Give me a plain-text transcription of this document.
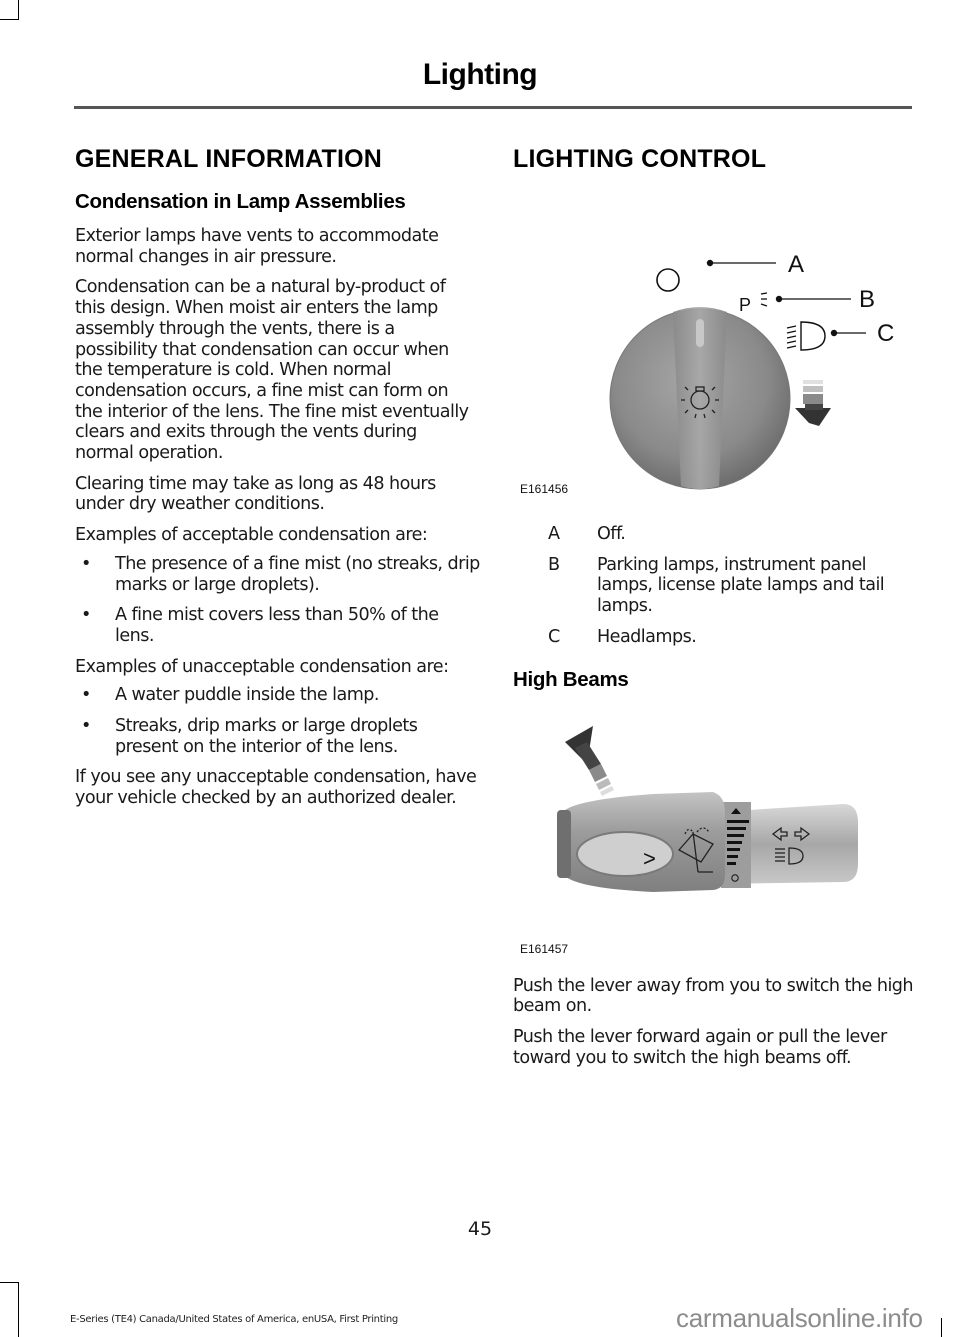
Lighting
GENERAL INFORMATION
Condensation in Lamp Assemblies

Exterior lamps have vents to accommodate normal changes in air pressure.

Condensation can be a natural by-product of this design. When moist air enters the lamp assembly through the vents, there is a possibility that condensation can occur when the temperature is cold. When normal condensation occurs, a fine mist can form on the interior of the lens. The fine mist eventually clears and exits through the vents during normal operation.

Clearing time may take as long as 48 hours under dry weather conditions.

Examples of acceptable condensation are:

• The presence of a fine mist (no streaks, drip marks or large droplets).
• A fine mist covers less than 50% of the lens.

Examples of unacceptable condensation are:

• A water puddle inside the lamp.
• Streaks, drip marks or large droplets present on the interior of the lens.

If you see any unacceptable condensation, have your vehicle checked by an authorized dealer.

LIGHTING CONTROL
A
P	B
C
E161456
A	Off.
B	Parking lamps, instrument panel lamps, license plate lamps and tail lamps.
C	Headlamps.
High Beams
>
E161457

Push the lever away from you to switch the high beam on.

Push the lever forward again or pull the lever toward you to switch the high beams off.

45
E-Series (TE4) Canada/United States of America, enUSA, First Printing	carmanualsonline.info
